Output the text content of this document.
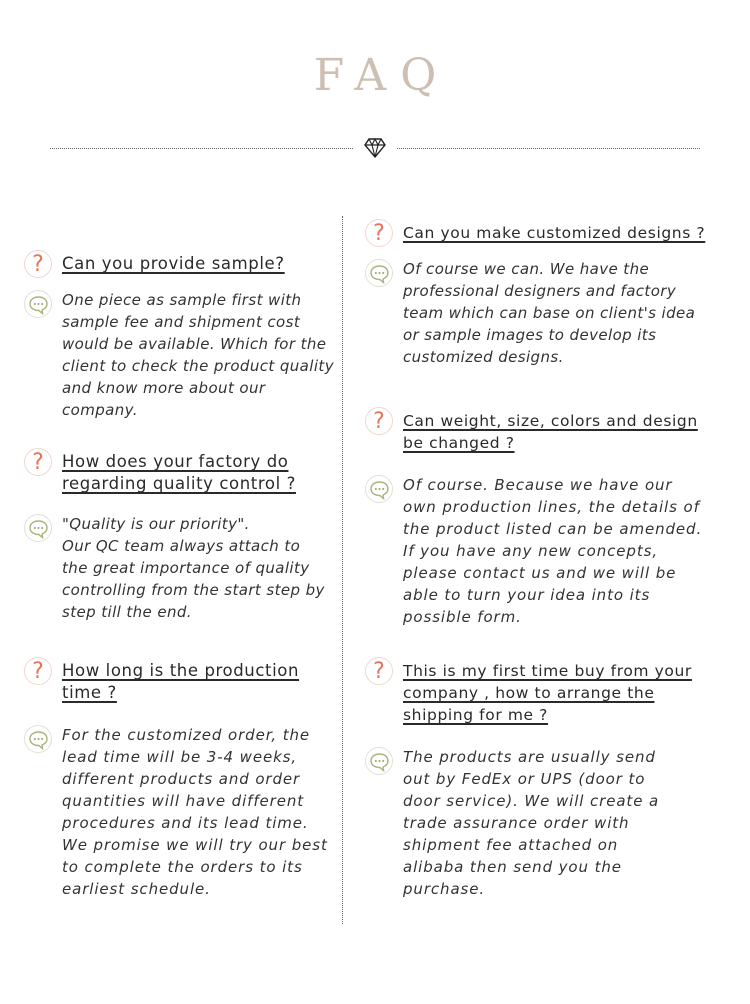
FAQ
?	Can you provide sample?

One piece as sample first with
sample fee and shipment cost
would be available. Which for the
client to check the product quality
and know more about our
company.

?	How does your factory do
regarding quality control ?

"Quality is our priority".
Our QC team always attach to
the great importance of quality
controlling from the start step by
step till the end.

?	How long is the production
time ?

For the customized order, the
lead time will be 3-4 weeks,
different products and order
quantities will have different
procedures and its lead time.
We promise we will try our best
to complete the orders to its
earliest schedule.

?	Can you make customized designs ?

Of course we can. We have the
professional designers and factory
team which can base on client's idea
or sample images to develop its
customized designs.

?	Can weight, size, colors and design
be changed ?

Of course. Because we have our
own production lines, the details of
the product listed can be amended.
If you have any new concepts,
please contact us and we will be
able to turn your idea into its
possible form.

?	This is my first time buy from your
company , how to arrange the
shipping for me ?

The products are usually send
out by FedEx or UPS (door to
door service). We will create a
trade assurance order with
shipment fee attached on
alibaba then send you the
purchase.
